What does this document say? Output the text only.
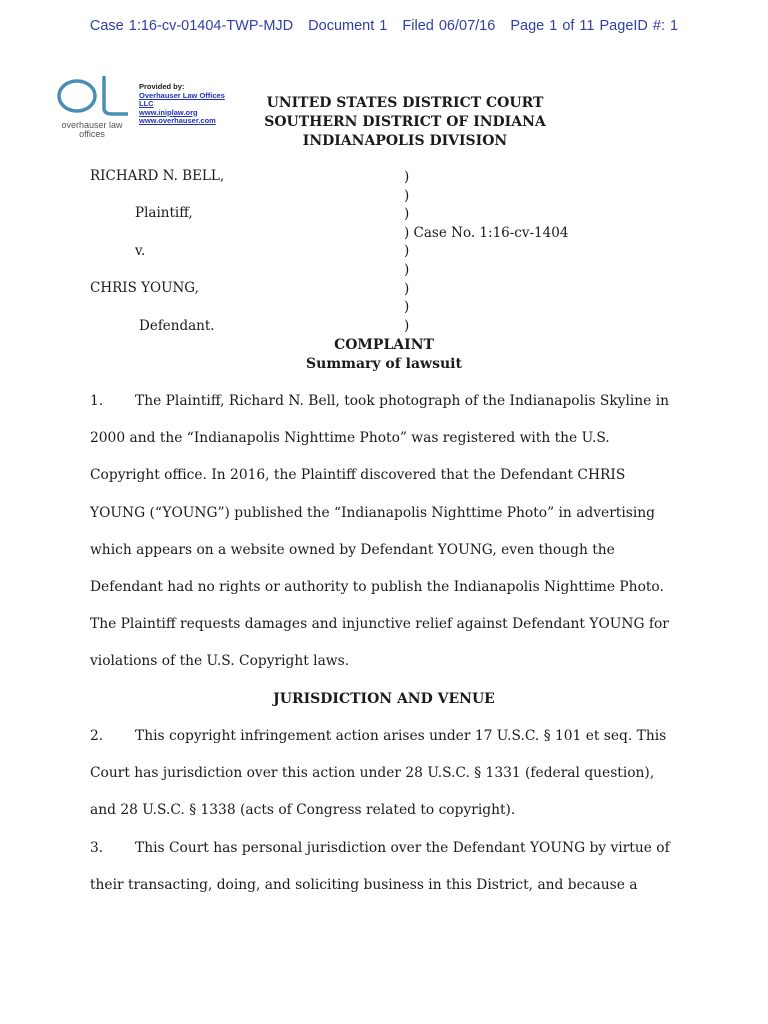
Case 1:16-cv-01404-TWP-MJD Document 1 Filed 06/07/16 Page 1 of 11 PageID #: 1
overhauser law offices
Provided by:
Overhauser Law Offices
LLC
www.iniplaw.org
www.overhauser.com
UNITED STATES DISTRICT COURT
SOUTHERN DISTRICT OF INDIANA
INDIANAPOLIS DIVISION
RICHARD N. BELL,
Plaintiff,
v.
CHRIS YOUNG,
Defendant.
)
)
)
) Case No. 1:16-cv-1404
)
)
)
)
)
COMPLAINT
Summary of lawsuit
1. The Plaintiff, Richard N. Bell, took photograph of the Indianapolis Skyline in
2000 and the “Indianapolis Nighttime Photo” was registered with the U.S.
Copyright office. In 2016, the Plaintiff discovered that the Defendant CHRIS
YOUNG (“YOUNG”) published the “Indianapolis Nighttime Photo” in advertising
which appears on a website owned by Defendant YOUNG, even though the
Defendant had no rights or authority to publish the Indianapolis Nighttime Photo.
The Plaintiff requests damages and injunctive relief against Defendant YOUNG for
violations of the U.S. Copyright laws.
JURISDICTION AND VENUE
2. This copyright infringement action arises under 17 U.S.C. § 101 et seq. This
Court has jurisdiction over this action under 28 U.S.C. § 1331 (federal question),
and 28 U.S.C. § 1338 (acts of Congress related to copyright).
3. This Court has personal jurisdiction over the Defendant YOUNG by virtue of
their transacting, doing, and soliciting business in this District, and because a
